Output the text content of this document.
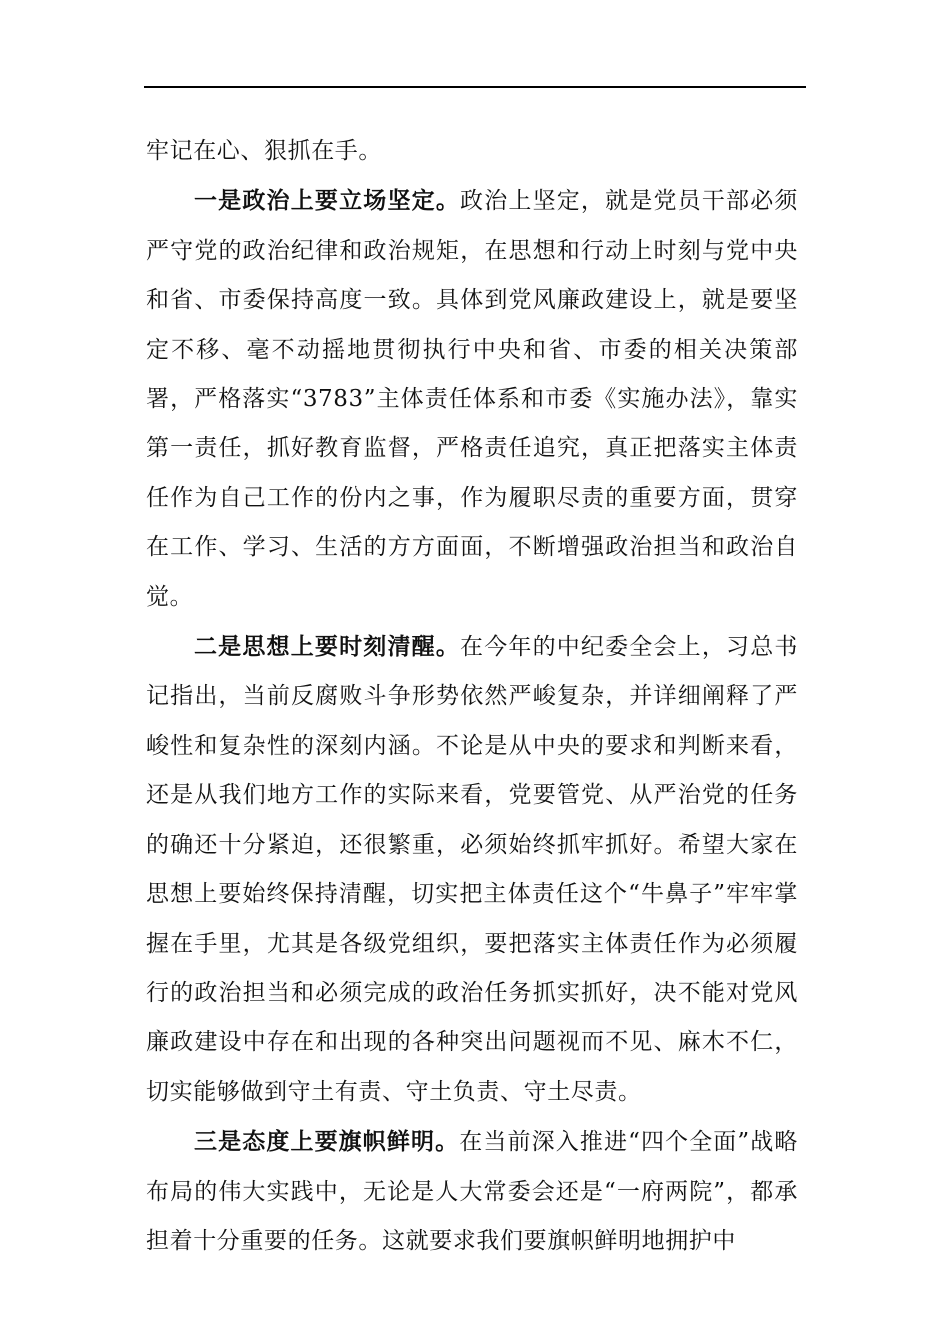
牢记在心、狠抓在手。

一是政治上要立场坚定。政治上坚定，就是党员干部必须严守党的政治纪律和政治规矩，在思想和行动上时刻与党中央和省、市委保持高度一致。具体到党风廉政建设上，就是要坚定不移、毫不动摇地贯彻执行中央和省、市委的相关决策部署，严格落实“3783”主体责任体系和市委《实施办法》，靠实第一责任，抓好教育监督，严格责任追究，真正把落实主体责任作为自己工作的份内之事，作为履职尽责的重要方面，贯穿在工作、学习、生活的方方面面，不断增强政治担当和政治自觉。

二是思想上要时刻清醒。在今年的中纪委全会上，习总书记指出，当前反腐败斗争形势依然严峻复杂，并详细阐释了严峻性和复杂性的深刻内涵。不论是从中央的要求和判断来看，还是从我们地方工作的实际来看，党要管党、从严治党的任务的确还十分紧迫，还很繁重，必须始终抓牢抓好。希望大家在思想上要始终保持清醒，切实把主体责任这个“牛鼻子”牢牢掌握在手里，尤其是各级党组织，要把落实主体责任作为必须履行的政治担当和必须完成的政治任务抓实抓好，决不能对党风廉政建设中存在和出现的各种突出问题视而不见、麻木不仁，切实能够做到守土有责、守土负责、守土尽责。

三是态度上要旗帜鲜明。在当前深入推进“四个全面”战略布局的伟大实践中，无论是人大常委会还是“一府两院”，都承担着十分重要的任务。这就要求我们要旗帜鲜明地拥护中
